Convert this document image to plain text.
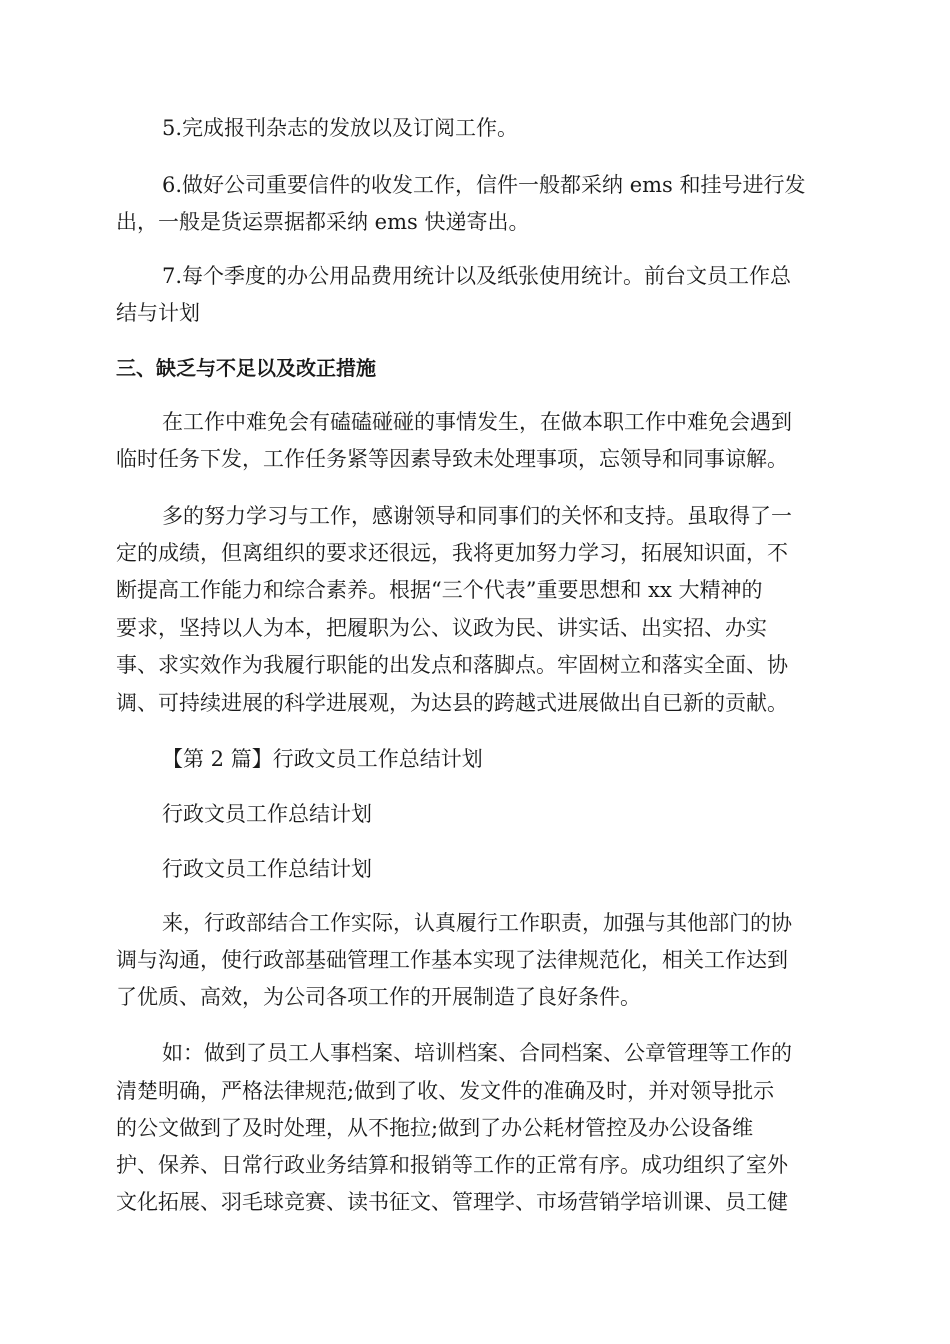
5.完成报刊杂志的发放以及订阅工作。
6.做好公司重要信件的收发工作，信件一般都采纳 ems 和挂号进行发
出，一般是货运票据都采纳 ems 快递寄出。
7.每个季度的办公用品费用统计以及纸张使用统计。前台文员工作总
结与计划
三、缺乏与不足以及改正措施
在工作中难免会有磕磕碰碰的事情发生，在做本职工作中难免会遇到
临时任务下发，工作任务紧等因素导致未处理事项，忘领导和同事谅解。
多的努力学习与工作，感谢领导和同事们的关怀和支持。虽取得了一
定的成绩，但离组织的要求还很远，我将更加努力学习，拓展知识面，不
断提高工作能力和综合素养。根据“三个代表”重要思想和 xx 大精神的
要求，坚持以人为本，把履职为公、议政为民、讲实话、出实招、办实
事、求实效作为我履行职能的出发点和落脚点。牢固树立和落实全面、协
调、可持续进展的科学进展观，为达县的跨越式进展做出自已新的贡献。
【第 2 篇】行政文员工作总结计划
行政文员工作总结计划
行政文员工作总结计划
来，行政部结合工作实际，认真履行工作职责，加强与其他部门的协
调与沟通，使行政部基础管理工作基本实现了法律规范化，相关工作达到
了优质、高效，为公司各项工作的开展制造了良好条件。
如：做到了员工人事档案、培训档案、合同档案、公章管理等工作的
清楚明确，严格法律规范;做到了收、发文件的准确及时，并对领导批示
的公文做到了及时处理，从不拖拉;做到了办公耗材管控及办公设备维
护、保养、日常行政业务结算和报销等工作的正常有序。成功组织了室外
文化拓展、羽毛球竞赛、读书征文、管理学、市场营销学培训课、员工健
